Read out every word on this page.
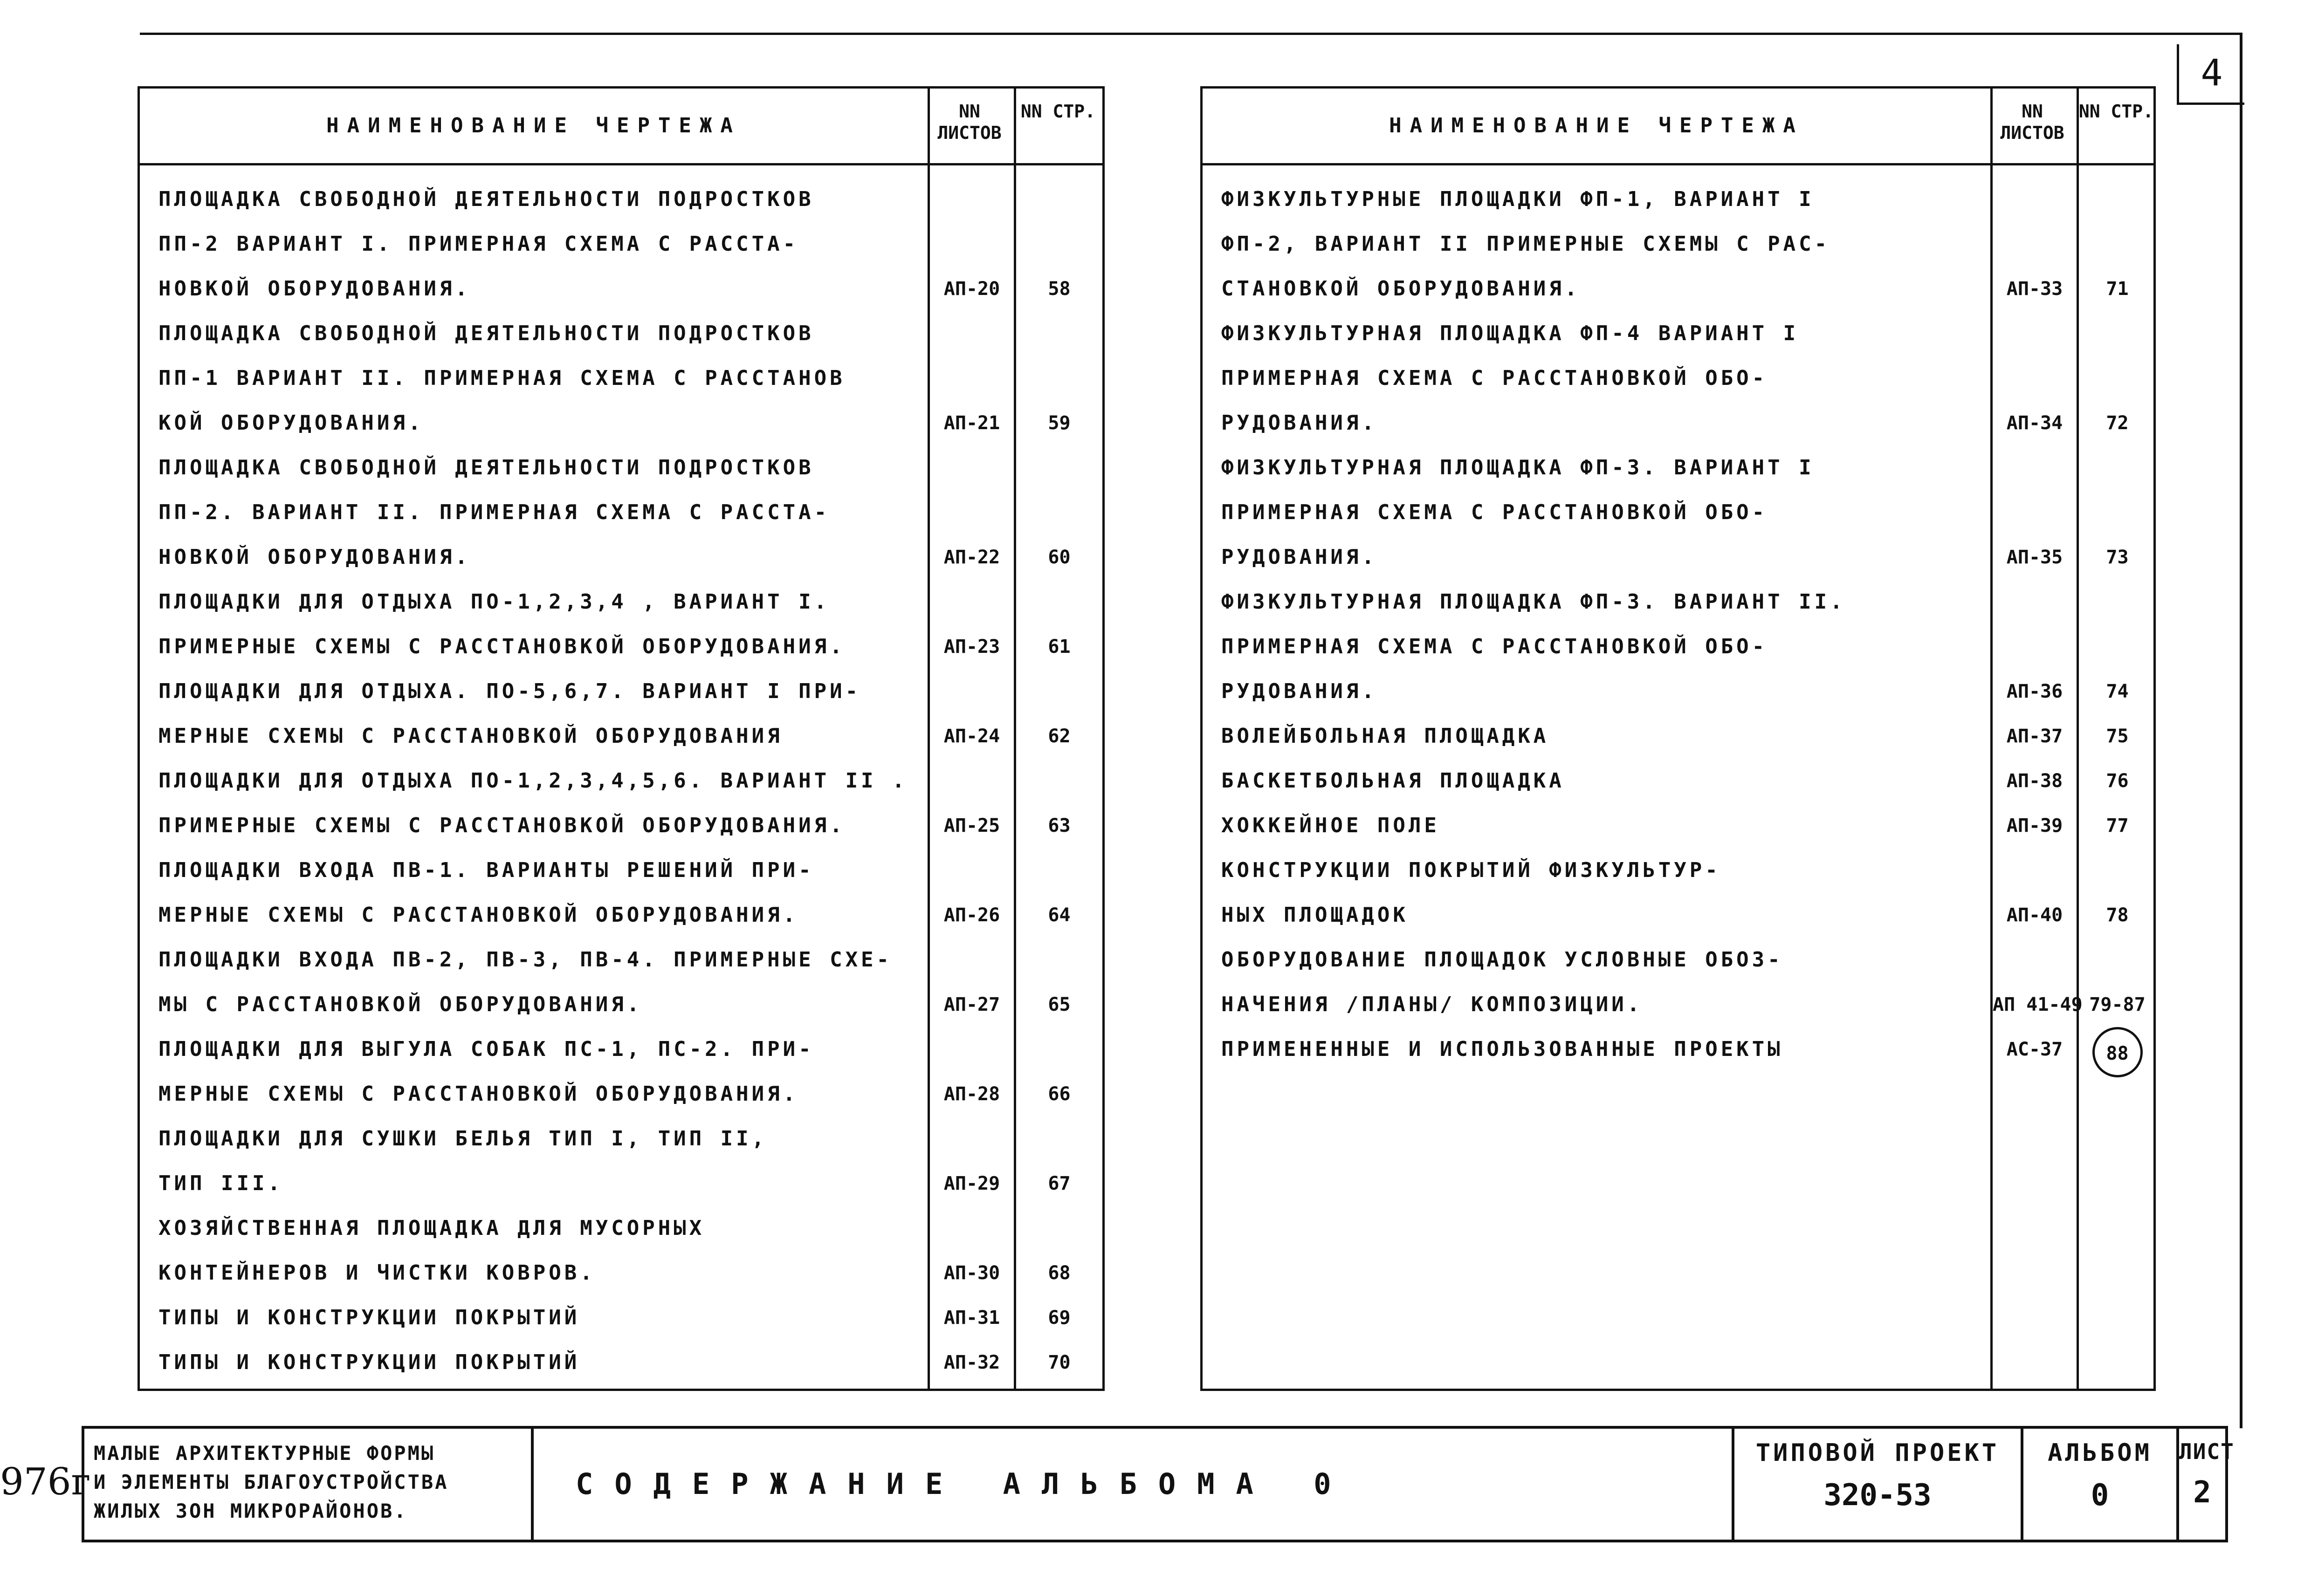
4
НАИМЕНОВАНИЕ ЧЕРТЕЖА
NN ЛИСТОВ
NN СТР.
ПЛОЩАДКА СВОБОДНОЙ ДЕЯТЕЛЬНОСТИ ПОДРОСТКОВ
ПП-2 ВАРИАНТ I. ПРИМЕРНАЯ СХЕМА С РАССТА-
НОВКОЙ ОБОРУДОВАНИЯ.	АП-20	58
ПЛОЩАДКА СВОБОДНОЙ ДЕЯТЕЛЬНОСТИ ПОДРОСТКОВ
ПП-1 ВАРИАНТ II. ПРИМЕРНАЯ СХЕМА С РАССТАНОВ
КОЙ ОБОРУДОВАНИЯ.	АП-21	59
ПЛОЩАДКА СВОБОДНОЙ ДЕЯТЕЛЬНОСТИ ПОДРОСТКОВ
ПП-2. ВАРИАНТ II. ПРИМЕРНАЯ СХЕМА С РАССТА-
НОВКОЙ ОБОРУДОВАНИЯ.	АП-22	60
ПЛОЩАДКИ ДЛЯ ОТДЫХА ПО-1,2,3,4 , ВАРИАНТ I.
ПРИМЕРНЫЕ СХЕМЫ С РАССТАНОВКОЙ ОБОРУДОВАНИЯ.	АП-23	61
ПЛОЩАДКИ ДЛЯ ОТДЫХА. ПО-5,6,7. ВАРИАНТ I ПРИ-
МЕРНЫЕ СХЕМЫ С РАССТАНОВКОЙ ОБОРУДОВАНИЯ	АП-24	62
ПЛОЩАДКИ ДЛЯ ОТДЫХА ПО-1,2,3,4,5,6. ВАРИАНТ II .
ПРИМЕРНЫЕ СХЕМЫ С РАССТАНОВКОЙ ОБОРУДОВАНИЯ.	АП-25	63
ПЛОЩАДКИ ВХОДА ПВ-1. ВАРИАНТЫ РЕШЕНИЙ ПРИ-
МЕРНЫЕ СХЕМЫ С РАССТАНОВКОЙ ОБОРУДОВАНИЯ.	АП-26	64
ПЛОЩАДКИ ВХОДА ПВ-2, ПВ-3, ПВ-4. ПРИМЕРНЫЕ СХЕ-
МЫ С РАССТАНОВКОЙ ОБОРУДОВАНИЯ.	АП-27	65
ПЛОЩАДКИ ДЛЯ ВЫГУЛА СОБАК ПС-1, ПС-2. ПРИ-
МЕРНЫЕ СХЕМЫ С РАССТАНОВКОЙ ОБОРУДОВАНИЯ.	АП-28	66
ПЛОЩАДКИ ДЛЯ СУШКИ БЕЛЬЯ ТИП I, ТИП II,
ТИП III.	АП-29	67
ХОЗЯЙСТВЕННАЯ ПЛОЩАДКА ДЛЯ МУСОРНЫХ
КОНТЕЙНЕРОВ И ЧИСТКИ КОВРОВ.	АП-30	68
ТИПЫ И КОНСТРУКЦИИ ПОКРЫТИЙ	АП-31	69
ТИПЫ И КОНСТРУКЦИИ ПОКРЫТИЙ	АП-32	70
НАИМЕНОВАНИЕ ЧЕРТЕЖА
NN ЛИСТОВ
NN СТР.
ФИЗКУЛЬТУРНЫЕ ПЛОЩАДКИ ФП-1, ВАРИАНТ I
ФП-2, ВАРИАНТ II ПРИМЕРНЫЕ СХЕМЫ С РАС-
СТАНОВКОЙ ОБОРУДОВАНИЯ.	АП-33	71
ФИЗКУЛЬТУРНАЯ ПЛОЩАДКА ФП-4 ВАРИАНТ I
ПРИМЕРНАЯ СХЕМА С РАССТАНОВКОЙ ОБО-
РУДОВАНИЯ.	АП-34	72
ФИЗКУЛЬТУРНАЯ ПЛОЩАДКА ФП-3. ВАРИАНТ I
ПРИМЕРНАЯ СХЕМА С РАССТАНОВКОЙ ОБО-
РУДОВАНИЯ.	АП-35	73
ФИЗКУЛЬТУРНАЯ ПЛОЩАДКА ФП-3. ВАРИАНТ II.
ПРИМЕРНАЯ СХЕМА С РАССТАНОВКОЙ ОБО-
РУДОВАНИЯ.	АП-36	74
ВОЛЕЙБОЛЬНАЯ ПЛОЩАДКА	АП-37	75
БАСКЕТБОЛЬНАЯ ПЛОЩАДКА	АП-38	76
ХОККЕЙНОЕ ПОЛЕ	АП-39	77
КОНСТРУКЦИИ ПОКРЫТИЙ ФИЗКУЛЬТУР-
НЫХ ПЛОЩАДОК	АП-40	78
ОБОРУДОВАНИЕ ПЛОЩАДОК УСЛОВНЫЕ ОБОЗ-
НАЧЕНИЯ /ПЛАНЫ/ КОМПОЗИЦИИ.	АП 41-49 79-87
ПРИМЕНЕННЫЕ И ИСПОЛЬЗОВАННЫЕ ПРОЕКТЫ	АС-37	88
976г
МАЛЫЕ АРХИТЕКТУРНЫЕ ФОРМЫ
И ЭЛЕМЕНТЫ БЛАГОУСТРОЙСТВА
ЖИЛЫХ ЗОН МИКРОРАЙОНОВ.
СОДЕРЖАНИЕ АЛЬБОМА 0
ТИПОВОЙ ПРОЕКТ
320-53
АЛЬБОМ
0
ЛИСТ
2
